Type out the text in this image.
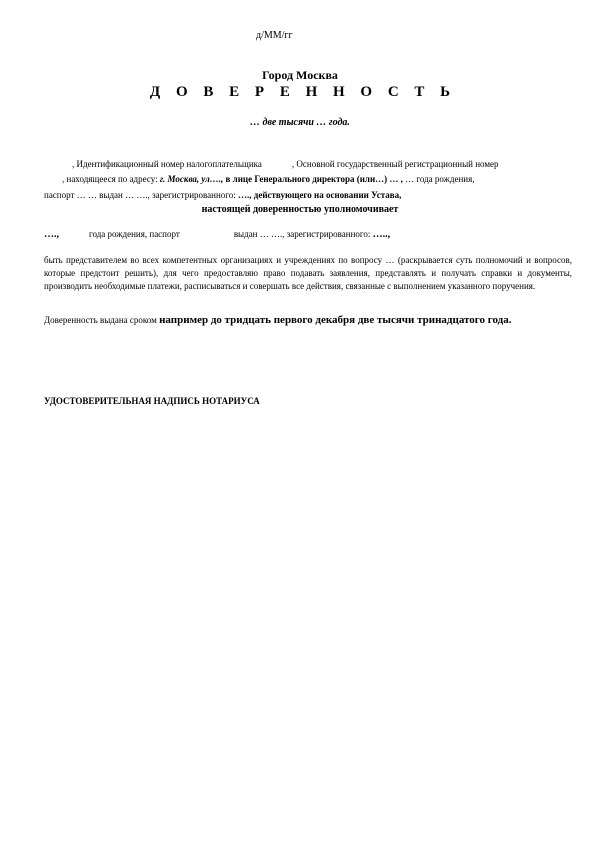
д/ММ/гг
Город Москва
Д О В Е Р Е Н Н О С Т Ь
… две тысячи … года.
, Идентификационный номер налогоплательщика	, Основной государственный регистрационный номер
, находящееся по адресу: г. Москва, ул…., в лице Генерального директора (или…) … , … года рождения,
паспорт … … выдан … …., зарегистрированного: …., действующего на основании Устава,
настоящей доверенностью уполномочивает
….,	года рождения, паспорт	выдан … …., зарегистрированного: …..,
быть представителем во всех компетентных организациях и учреждениях по вопросу … (раскрывается суть полномочий и вопросов, которые предстоит решить), для чего предоставляю право подавать заявления, представлять и получать справки и документы, производить необходимые платежи, расписываться и совершать все действия, связанные с выполнением указанного поручения.
Доверенность выдана сроком например до тридцать первого декабря две тысячи тринадцатого года.
УДОСТОВЕРИТЕЛЬНАЯ НАДПИСЬ НОТАРИУСА
